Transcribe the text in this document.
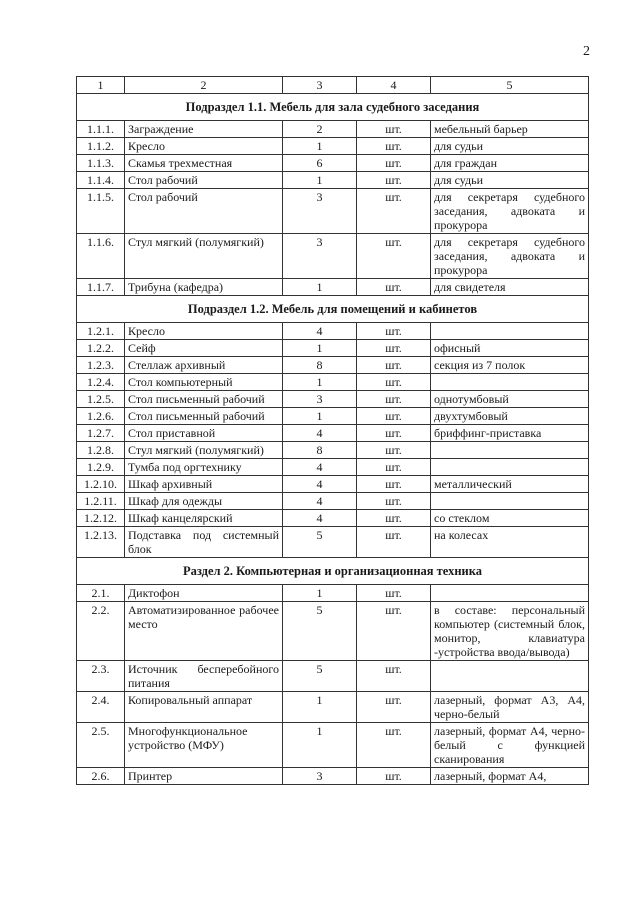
2
1	2	3	4	5
Подраздел 1.1. Мебель для зала судебного заседания				
1.1.1.	Заграждение	2	шт.	мебельный барьер
1.1.2.	Кресло	1	шт.	для судьи
1.1.3.	Скамья трехместная	6	шт.	для граждан
1.1.4.	Стол рабочий	1	шт.	для судьи
1.1.5.	Стол рабочий	3	шт.	для секретаря судебного заседания, адвоката и прокурора
1.1.6.	Стул мягкий (полумягкий)	3	шт.	для секретаря судебного заседания, адвоката и прокурора
1.1.7.	Трибуна (кафедра)	1	шт.	для свидетеля
Подраздел 1.2. Мебель для помещений и кабинетов				
1.2.1.	Кресло	4	шт.	
1.2.2.	Сейф	1	шт.	офисный
1.2.3.	Стеллаж архивный	8	шт.	секция из 7 полок
1.2.4.	Стол компьютерный	1	шт.	
1.2.5.	Стол письменный рабочий	3	шт.	однотумбовый
1.2.6.	Стол письменный рабочий	1	шт.	двухтумбовый
1.2.7.	Стол приставной	4	шт.	бриффинг-приставка
1.2.8.	Стул мягкий (полумягкий)	8	шт.	
1.2.9.	Тумба под оргтехнику	4	шт.	
1.2.10.	Шкаф архивный	4	шт.	металлический
1.2.11.	Шкаф для одежды	4	шт.	
1.2.12.	Шкаф канцелярский	4	шт.	со стеклом
1.2.13.	Подставка под системный блок	5	шт.	на колесах
Раздел 2. Компьютерная и организационная техника				
2.1.	Диктофон	1	шт.	
2.2.	Автоматизированное рабочее место	5	шт.	в составе: персональный компьютер (системный блок, монитор, клавиатура -устройства ввода/вывода)
2.3.	Источник бесперебойного питания	5	шт.	
2.4.	Копировальный аппарат	1	шт.	лазерный, формат А3, А4, черно-белый
2.5.	Многофункциональное устройство (МФУ)	1	шт.	лазерный, формат А4, черно-белый с функцией сканирования
2.6.	Принтер	3	шт.	лазерный, формат А4,
